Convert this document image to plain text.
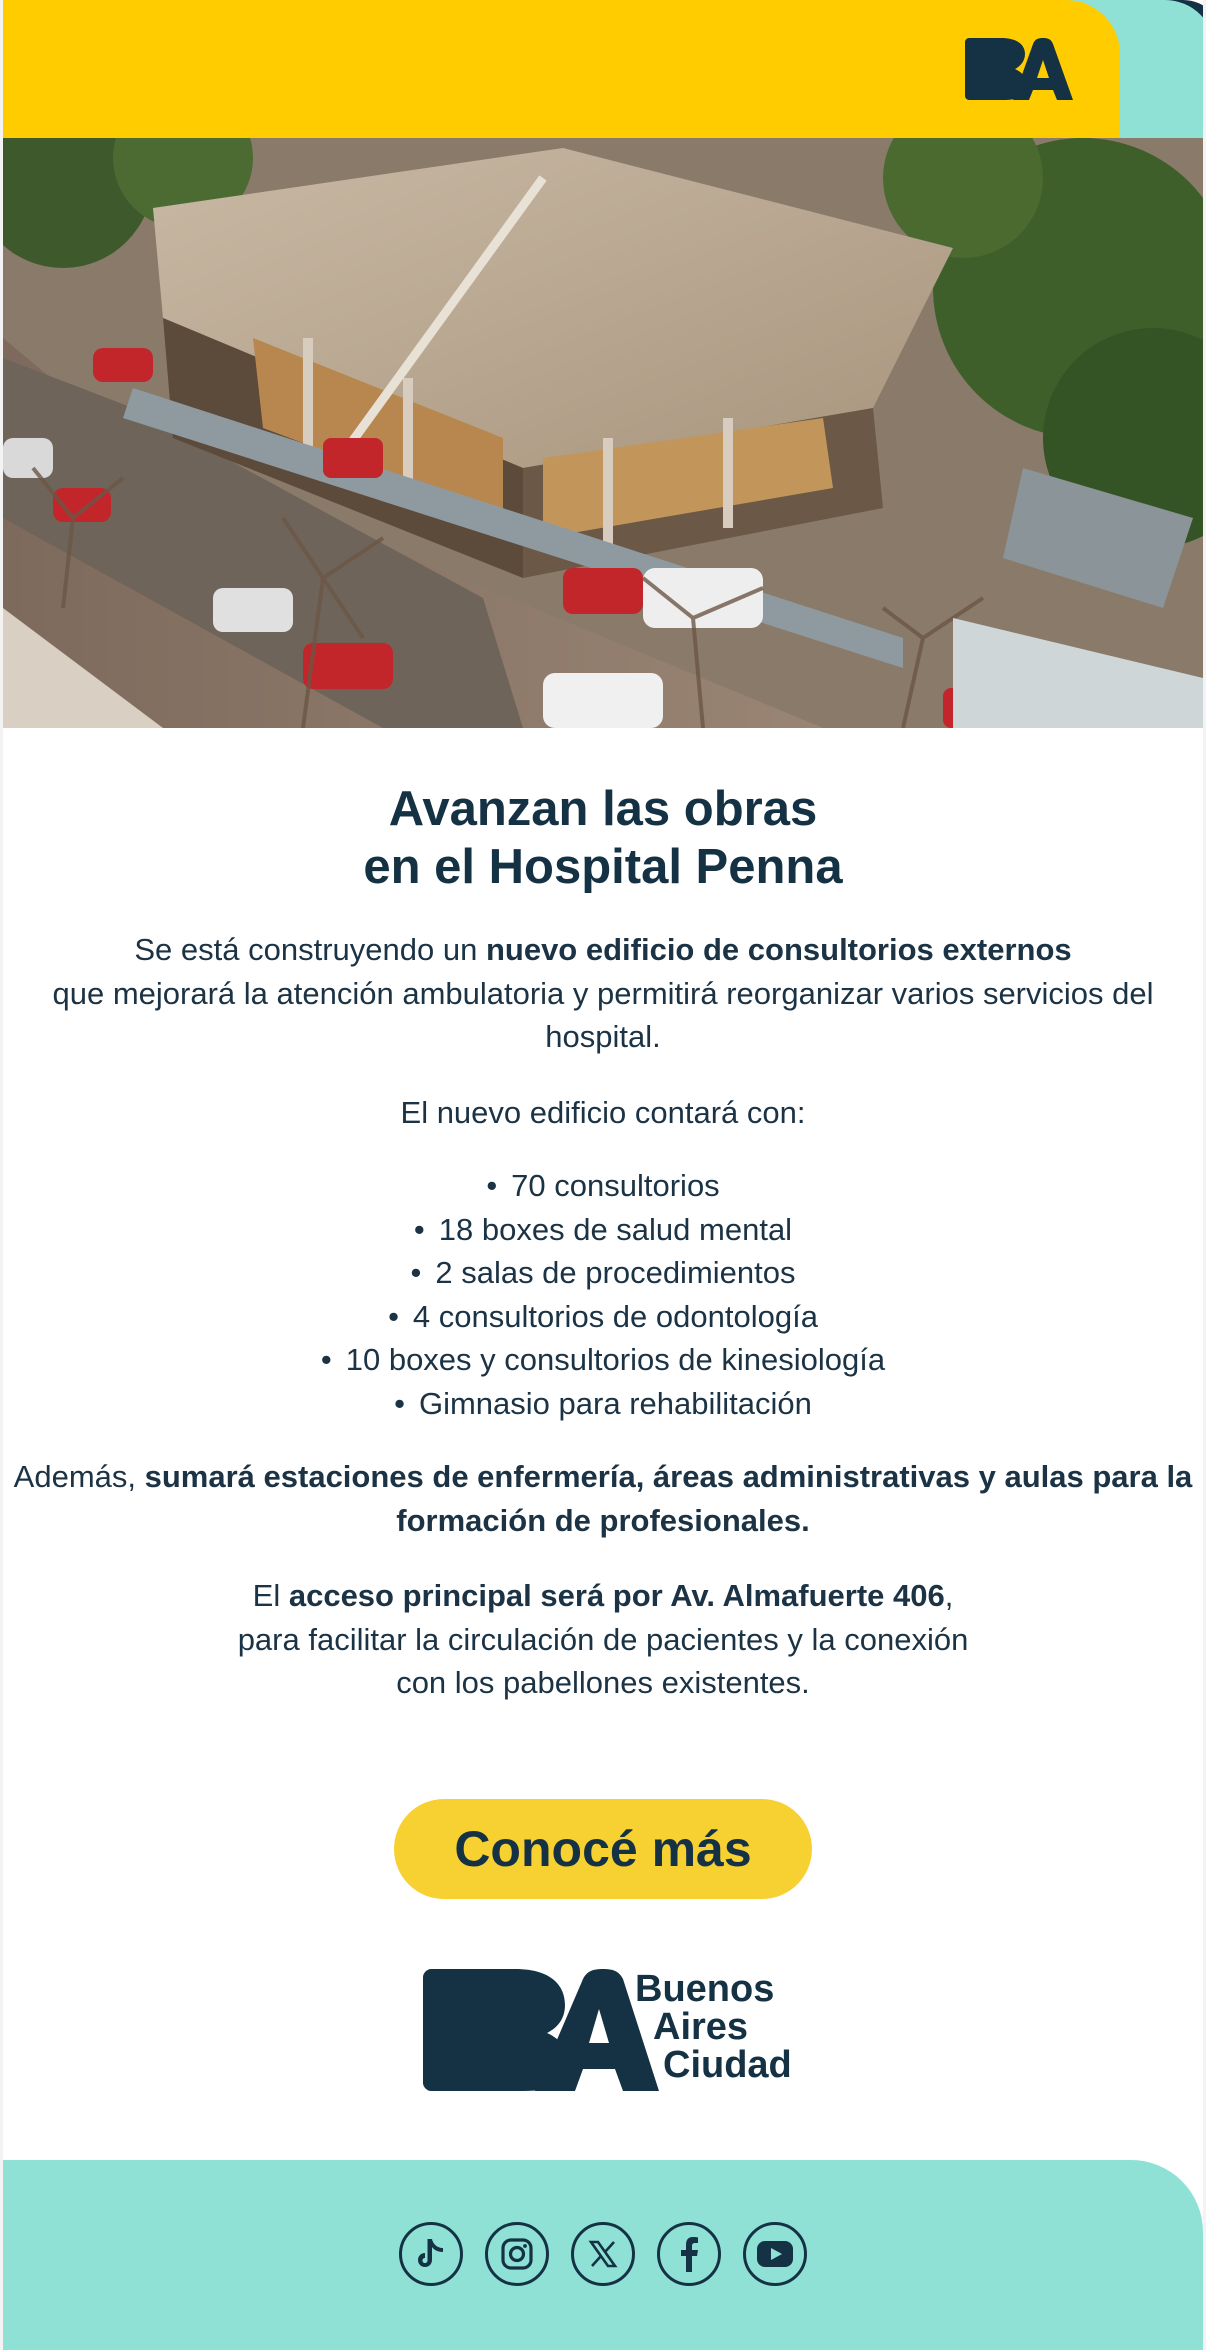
Avanzan las obras
en el Hospital Penna

Se está construyendo un nuevo edificio de consultorios externos
que mejorará la atención ambulatoria y permitirá reorganizar varios servicios del hospital.

El nuevo edificio contará con:

• 70 consultorios
• 18 boxes de salud mental
• 2 salas de procedimientos
• 4 consultorios de odontología
• 10 boxes y consultorios de kinesiología
• Gimnasio para rehabilitación

Además, sumará estaciones de enfermería, áreas administrativas y aulas para la formación de profesionales.

El acceso principal será por Av. Almafuerte 406,
para facilitar la circulación de pacientes y la conexión
con los pabellones existentes.

Conocé más
Buenos
Aires
Ciudad
